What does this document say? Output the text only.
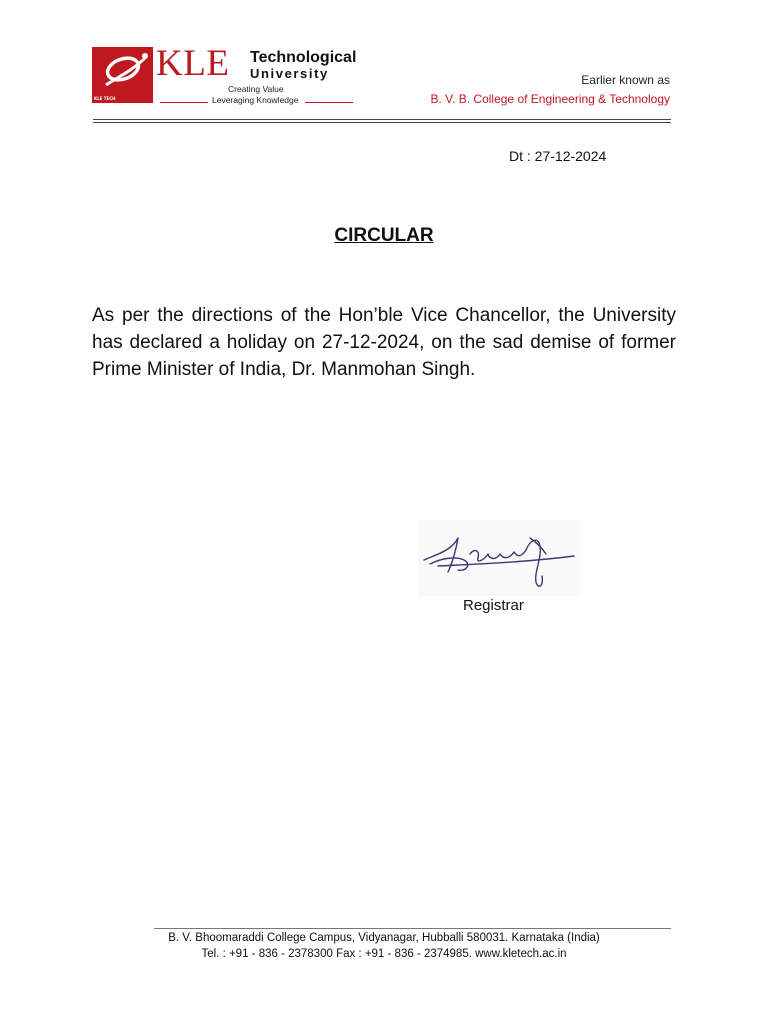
KLE TECH
KLE Technological
University
Creating Value
Leveraging Knowledge
Earlier known as
B. V. B. College of Engineering & Technology
Dt : 27-12-2024
CIRCULAR
As per the directions of the Hon’ble Vice Chancellor, the University has declared a holiday on 27-12-2024, on the sad demise of former Prime Minister of India, Dr. Manmohan Singh.
Registrar
B. V. Bhoomaraddi College Campus, Vidyanagar, Hubballi 580031. Karnataka (India)
Tel. : +91 - 836 - 2378300 Fax : +91 - 836 - 2374985. www.kletech.ac.in
